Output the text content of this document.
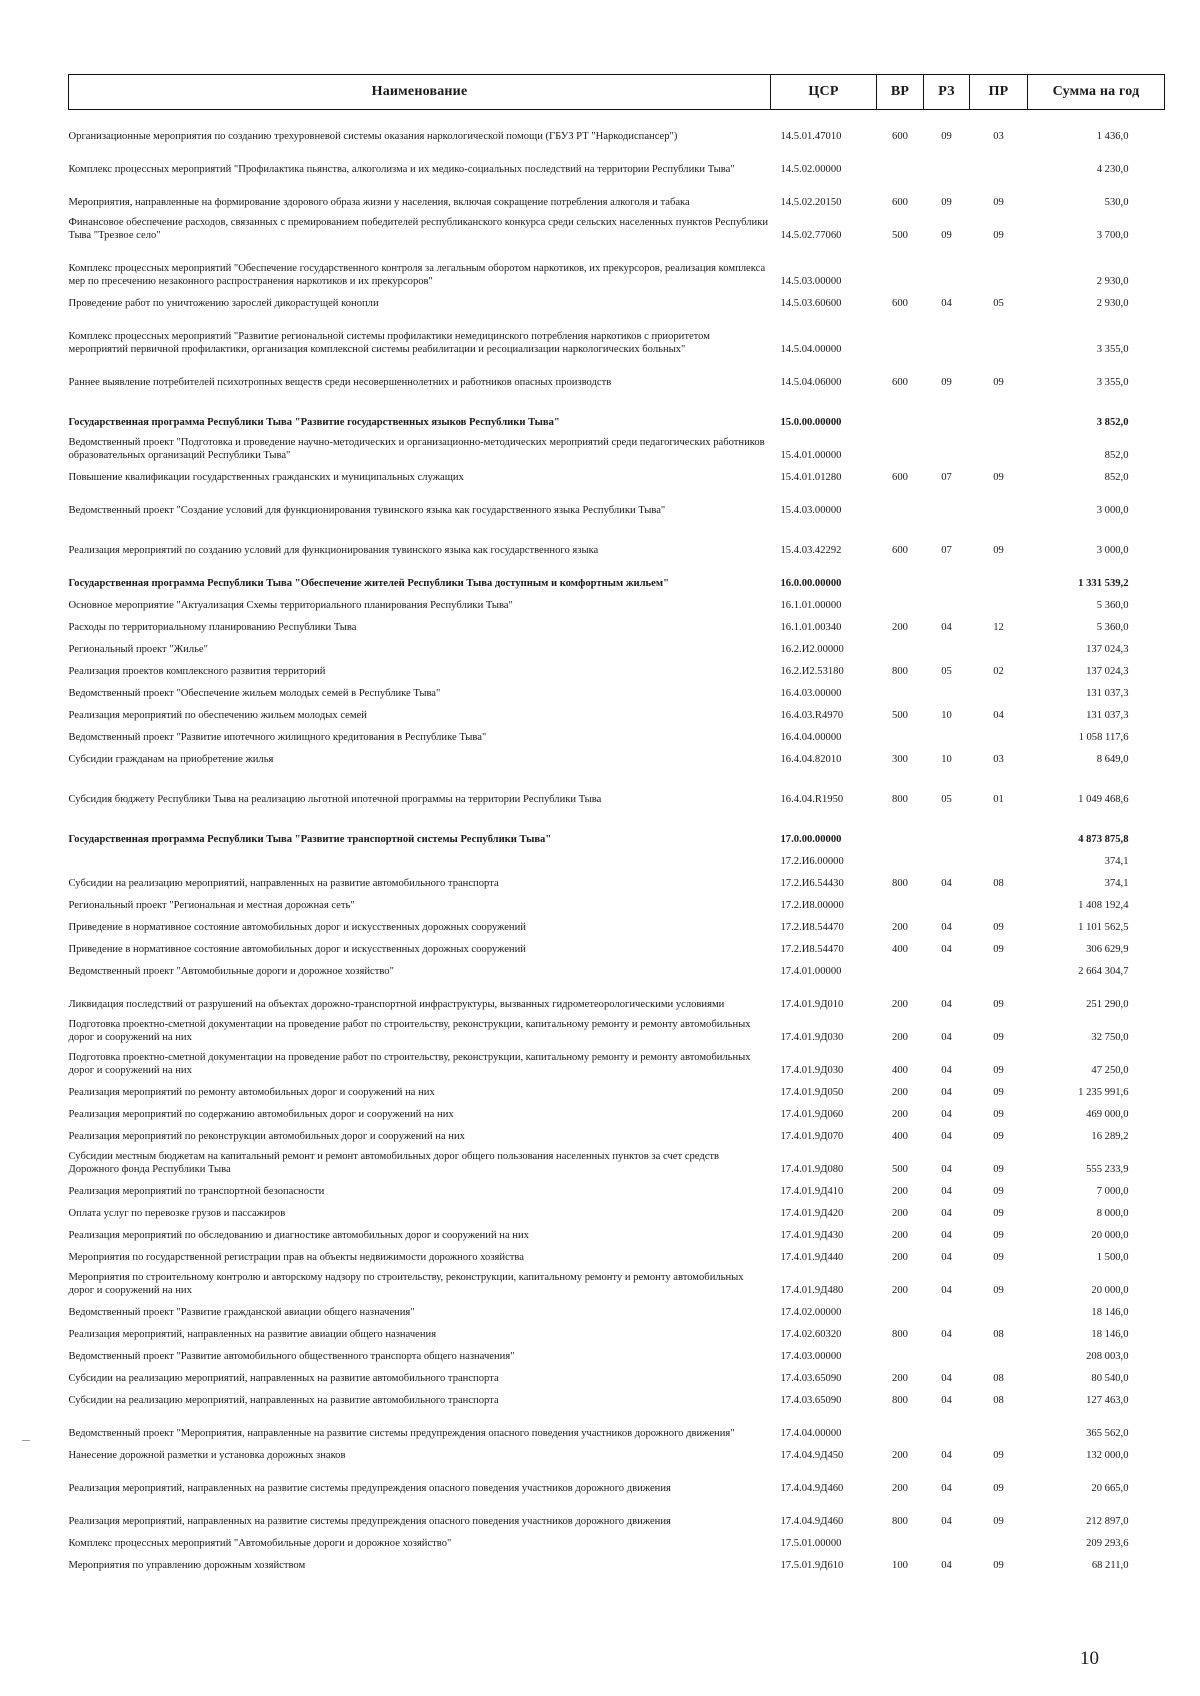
Наименование	ЦСР	ВР	РЗ	ПР	Сумма на год
Организационные мероприятия по созданию трехуровневой системы оказания наркологической помощи (ГБУЗ РТ "Наркодиспансер")	14.5.01.47010	600	09	03	1 436,0
Комплекс процессных мероприятий "Профилактика пьянства, алкоголизма и их медико-социальных последствий на территории Республики Тыва"	14.5.02.00000				4 230,0
Мероприятия, направленные на формирование здорового образа жизни у населения, включая сокращение потребления алкоголя и табака	14.5.02.20150	600	09	09	530,0
Финансовое обеспечение расходов, связанных с премированием победителей республиканского конкурса среди сельских населенных пунктов Республики Тыва "Трезвое село"	14.5.02.77060	500	09	09	3 700,0
Комплекс процессных мероприятий "Обеспечение государственного контроля за легальным оборотом наркотиков, их прекурсоров, реализация комплекса мер по пресечению незаконного распространения наркотиков и их прекурсоров"	14.5.03.00000				2 930,0
Проведение работ по уничтожению зарослей дикорастущей конопли	14.5.03.60600	600	04	05	2 930,0
Комплекс процессных мероприятий "Развитие региональной системы профилактики немедицинского потребления наркотиков с приоритетом мероприятий первичной профилактики, организация комплексной системы реабилитации и ресоциализации наркологических больных"	14.5.04.00000				3 355,0
Раннее выявление потребителей психотропных веществ среди несовершеннолетних и работников опасных производств	14.5.04.06000	600	09	09	3 355,0
Государственная программа Республики Тыва "Развитие государственных языков Республики Тыва"	15.0.00.00000				3 852,0
Ведомственный проект "Подготовка и проведение научно-методических и организационно-методических мероприятий среди педагогических работников образовательных организаций Республики Тыва"	15.4.01.00000				852,0
Повышение квалификации государственных гражданских и муниципальных служащих	15.4.01.01280	600	07	09	852,0
Ведомственный проект "Создание условий для функционирования тувинского языка как государственного языка Республики Тыва"	15.4.03.00000				3 000,0
Реализация мероприятий по созданию условий для функционирования тувинского языка как государственного языка	15.4.03.42292	600	07	09	3 000,0
Государственная программа Республики Тыва "Обеспечение жителей Республики Тыва доступным и комфортным жильем"	16.0.00.00000				1 331 539,2
Основное мероприятие "Актуализация Схемы территориального планирования Республики Тыва"	16.1.01.00000				5 360,0
Расходы по территориальному планированию Республики Тыва	16.1.01.00340	200	04	12	5 360,0
Региональный проект "Жилье"	16.2.И2.00000				137 024,3
Реализация проектов комплексного развития территорий	16.2.И2.53180	800	05	02	137 024,3
Ведомственный проект "Обеспечение жильем молодых семей в Республике Тыва"	16.4.03.00000				131 037,3
Реализация мероприятий по обеспечению жильем молодых семей	16.4.03.R4970	500	10	04	131 037,3
Ведомственный проект "Развитие ипотечного жилищного кредитования в Республике Тыва"	16.4.04.00000				1 058 117,6
Субсидии гражданам на приобретение жилья	16.4.04.82010	300	10	03	8 649,0
Субсидия бюджету Республики Тыва на реализацию льготной ипотечной программы на территории Республики Тыва	16.4.04.R1950	800	05	01	1 049 468,6
Государственная программа Республики Тыва "Развитие транспортной системы Республики Тыва"	17.0.00.00000				4 873 875,8
	17.2.И6.00000				374,1
Субсидии на реализацию мероприятий, направленных на развитие автомобильного транспорта	17.2.И6.54430	800	04	08	374,1
Региональный проект "Региональная и местная дорожная сеть"	17.2.И8.00000				1 408 192,4
Приведение в нормативное состояние автомобильных дорог и искусственных дорожных сооружений	17.2.И8.54470	200	04	09	1 101 562,5
Приведение в нормативное состояние автомобильных дорог и искусственных дорожных сооружений	17.2.И8.54470	400	04	09	306 629,9
Ведомственный проект "Автомобильные дороги и дорожное хозяйство"	17.4.01.00000				2 664 304,7
Ликвидация последствий от разрушений на объектах дорожно-транспортной инфраструктуры, вызванных гидрометеорологическими условиями	17.4.01.9Д010	200	04	09	251 290,0
Подготовка проектно-сметной документации на проведение работ по строительству, реконструкции, капитальному ремонту и ремонту автомобильных дорог и сооружений на них	17.4.01.9Д030	200	04	09	32 750,0
Подготовка проектно-сметной документации на проведение работ по строительству, реконструкции, капитальному ремонту и ремонту автомобильных дорог и сооружений на них	17.4.01.9Д030	400	04	09	47 250,0
Реализация мероприятий по ремонту автомобильных дорог и сооружений на них	17.4.01.9Д050	200	04	09	1 235 991,6
Реализация мероприятий по содержанию автомобильных дорог и сооружений на них	17.4.01.9Д060	200	04	09	469 000,0
Реализация мероприятий по реконструкции автомобильных дорог и сооружений на них	17.4.01.9Д070	400	04	09	16 289,2
Субсидии местным бюджетам на капитальный ремонт и ремонт автомобильных дорог общего пользования населенных пунктов за счет средств Дорожного фонда Республики Тыва	17.4.01.9Д080	500	04	09	555 233,9
Реализация мероприятий по транспортной безопасности	17.4.01.9Д410	200	04	09	7 000,0
Оплата услуг по перевозке грузов и пассажиров	17.4.01.9Д420	200	04	09	8 000,0
Реализация мероприятий по обследованию и диагностике автомобильных дорог и сооружений на них	17.4.01.9Д430	200	04	09	20 000,0
Мероприятия по государственной регистрации прав на объекты недвижимости дорожного хозяйства	17.4.01.9Д440	200	04	09	1 500,0
Мероприятия по строительному контролю и авторскому надзору по строительству, реконструкции, капитальному ремонту и ремонту автомобильных дорог и сооружений на них	17.4.01.9Д480	200	04	09	20 000,0
Ведомственный проект "Развитие гражданской авиации общего назначения"	17.4.02.00000				18 146,0
Реализация мероприятий, направленных на развитие авиации общего назначения	17.4.02.60320	800	04	08	18 146,0
Ведомственный проект "Развитие автомобильного общественного транспорта общего назначения"	17.4.03.00000				208 003,0
Субсидии на реализацию мероприятий, направленных на развитие автомобильного транспорта	17.4.03.65090	200	04	08	80 540,0
Субсидии на реализацию мероприятий, направленных на развитие автомобильного транспорта	17.4.03.65090	800	04	08	127 463,0
Ведомственный проект "Мероприятия, направленные на развитие системы предупреждения опасного поведения участников дорожного движения"	17.4.04.00000				365 562,0
Нанесение дорожной разметки и установка дорожных знаков	17.4.04.9Д450	200	04	09	132 000,0
Реализация мероприятий, направленных на развитие системы предупреждения опасного поведения участников дорожного движения	17.4.04.9Д460	200	04	09	20 665,0
Реализация мероприятий, направленных на развитие системы предупреждения опасного поведения участников дорожного движения	17.4.04.9Д460	800	04	09	212 897,0
Комплекс процессных мероприятий "Автомобильные дороги и дорожное хозяйство"	17.5.01.00000				209 293,6
Мероприятия по управлению дорожным хозяйством	17.5.01.9Д610	100	04	09	68 211,0
10
